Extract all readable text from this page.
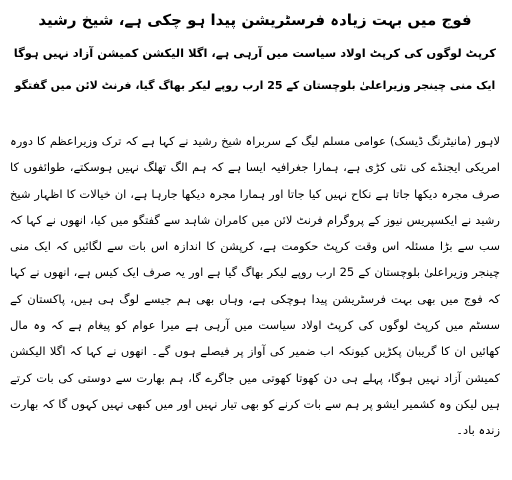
فوج میں بہت زیادہ فرسٹریشن پیدا ہو چکی ہے، شیخ رشید
کرپٹ لوگوں کی کرپٹ اولاد سیاست میں آرہی ہے، اگلا الیکشن کمیشن آزاد نہیں ہوگا
ایک منی چینجر وزیراعلیٰ بلوچستان کے 25 ارب روپے لیکر بھاگ گیا، فرنٹ لائن میں گفتگو

لاہور (مانیٹرنگ ڈیسک) عوامی مسلم لیگ کے سربراہ شیخ رشید نے کہا ہے کہ ترک وزیراعظم کا دورہ امریکی ایجنڈے کی نئی کڑی ہے، ہمارا جغرافیہ ایسا ہے کہ ہم الگ تھلگ نہیں ہوسکتے، طوائفوں کا صرف مجرہ دیکھا جاتا ہے نکاح نہیں کیا جاتا اور ہمارا مجرہ دیکھا جارہا ہے، ان خیالات کا اظہار شیخ رشید نے ایکسپریس نیوز کے پروگرام فرنٹ لائن میں کامران شاہد سے گفتگو میں کیا، انھوں نے کہا کہ سب سے بڑا مسئلہ اس وقت کرپٹ حکومت ہے، کرپشن کا اندازہ اس بات سے لگائیں کہ ایک منی چینجر وزیراعلیٰ بلوچستان کے 25 ارب روپے لیکر بھاگ گیا ہے اور یہ صرف ایک کیس ہے، انھوں نے کہا کہ فوج میں بھی بہت فرسٹریشن پیدا ہوچکی ہے، وہاں بھی ہم جیسے لوگ ہی ہیں، پاکستان کے سسٹم میں کرپٹ لوگوں کی کرپٹ اولاد سیاست میں آرہی ہے میرا عوام کو پیغام ہے کہ وہ مال کھائیں ان کا گریبان پکڑیں کیونکہ اب ضمیر کی آواز پر فیصلے ہوں گے۔ انھوں نے کہا کہ اگلا الیکشن کمیشن آزاد نہیں ہوگا، پہلے ہی دن کھوتا کھوتی میں جاگرے گا، ہم بھارت سے دوستی کی بات کرتے ہیں لیکن وہ کشمیر ایشو پر ہم سے بات کرنے کو بھی تیار نہیں اور میں کبھی نہیں کہوں گا کہ بھارت زندہ باد۔
